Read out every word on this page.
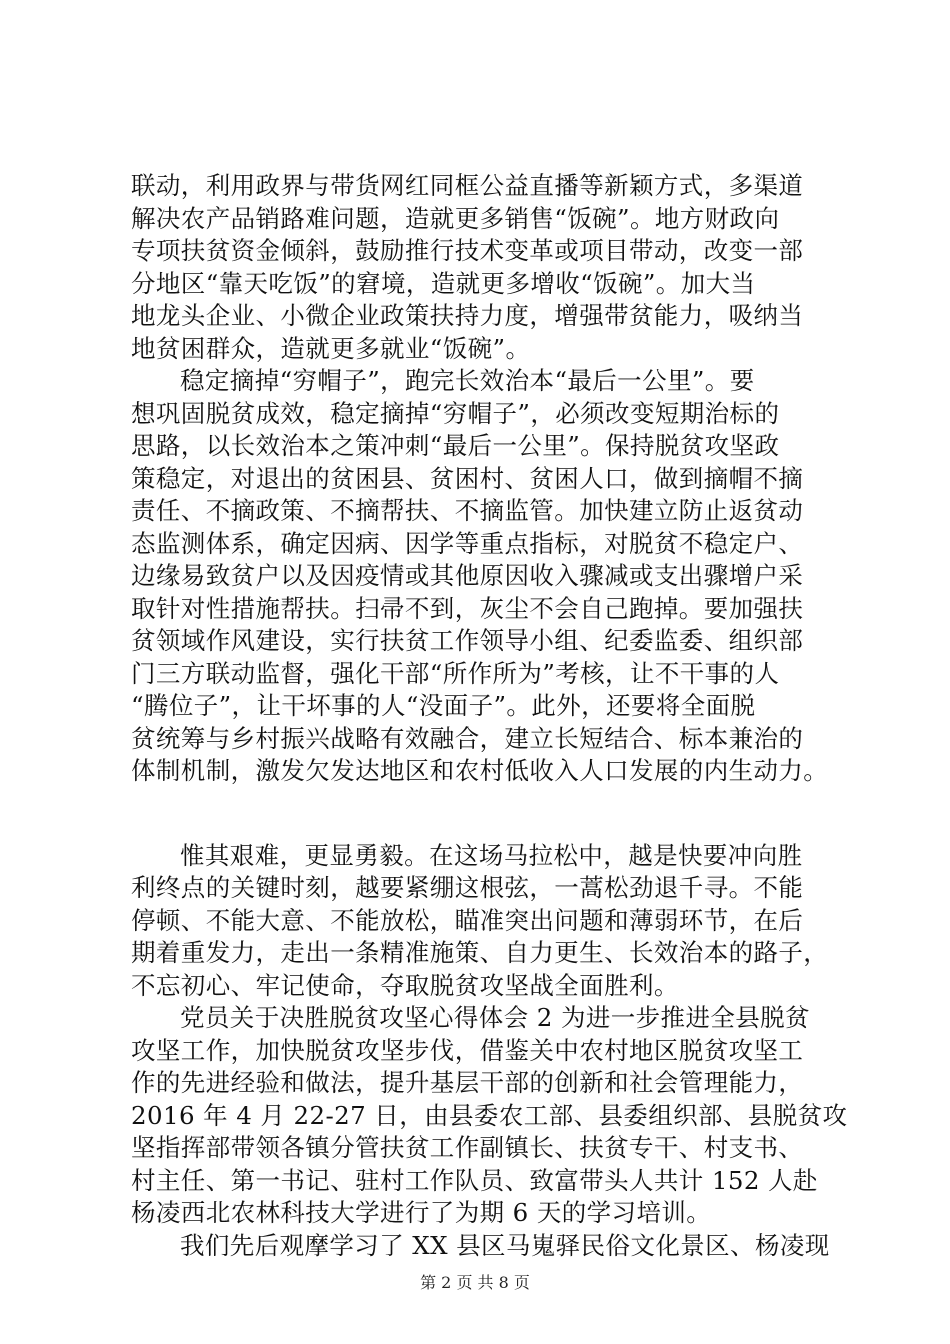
联动，利用政界与带货网红同框公益直播等新颖方式，多渠道
解决农产品销路难问题，造就更多销售“饭碗”。地方财政向
专项扶贫资金倾斜，鼓励推行技术变革或项目带动，改变一部
分地区“靠天吃饭”的窘境，造就更多增收“饭碗”。加大当
地龙头企业、小微企业政策扶持力度，增强带贫能力，吸纳当
地贫困群众，造就更多就业“饭碗”。
稳定摘掉“穷帽子”，跑完长效治本“最后一公里”。要
想巩固脱贫成效，稳定摘掉“穷帽子”，必须改变短期治标的
思路，以长效治本之策冲刺“最后一公里”。保持脱贫攻坚政
策稳定，对退出的贫困县、贫困村、贫困人口，做到摘帽不摘
责任、不摘政策、不摘帮扶、不摘监管。加快建立防止返贫动
态监测体系，确定因病、因学等重点指标，对脱贫不稳定户、
边缘易致贫户以及因疫情或其他原因收入骤减或支出骤增户采
取针对性措施帮扶。扫帚不到，灰尘不会自己跑掉。要加强扶
贫领域作风建设，实行扶贫工作领导小组、纪委监委、组织部
门三方联动监督，强化干部“所作所为”考核，让不干事的人
“腾位子”，让干坏事的人“没面子”。此外，还要将全面脱
贫统筹与乡村振兴战略有效融合，建立长短结合、标本兼治的
体制机制，激发欠发达地区和农村低收入人口发展的内生动力。
惟其艰难，更显勇毅。在这场马拉松中，越是快要冲向胜
利终点的关键时刻，越要紧绷这根弦，一蒿松劲退千寻。不能
停顿、不能大意、不能放松，瞄准突出问题和薄弱环节，在后
期着重发力，走出一条精准施策、自力更生、长效治本的路子，
不忘初心、牢记使命，夺取脱贫攻坚战全面胜利。
党员关于决胜脱贫攻坚心得体会 2 为进一步推进全县脱贫
攻坚工作，加快脱贫攻坚步伐，借鉴关中农村地区脱贫攻坚工
作的先进经验和做法，提升基层干部的创新和社会管理能力，
2016 年 4 月 22-27 日，由县委农工部、县委组织部、县脱贫攻
坚指挥部带领各镇分管扶贫工作副镇长、扶贫专干、村支书、
村主任、第一书记、驻村工作队员、致富带头人共计 152 人赴
杨凌西北农林科技大学进行了为期 6 天的学习培训。
我们先后观摩学习了 XX 县区马嵬驿民俗文化景区、杨凌现
第 2 页 共 8 页
